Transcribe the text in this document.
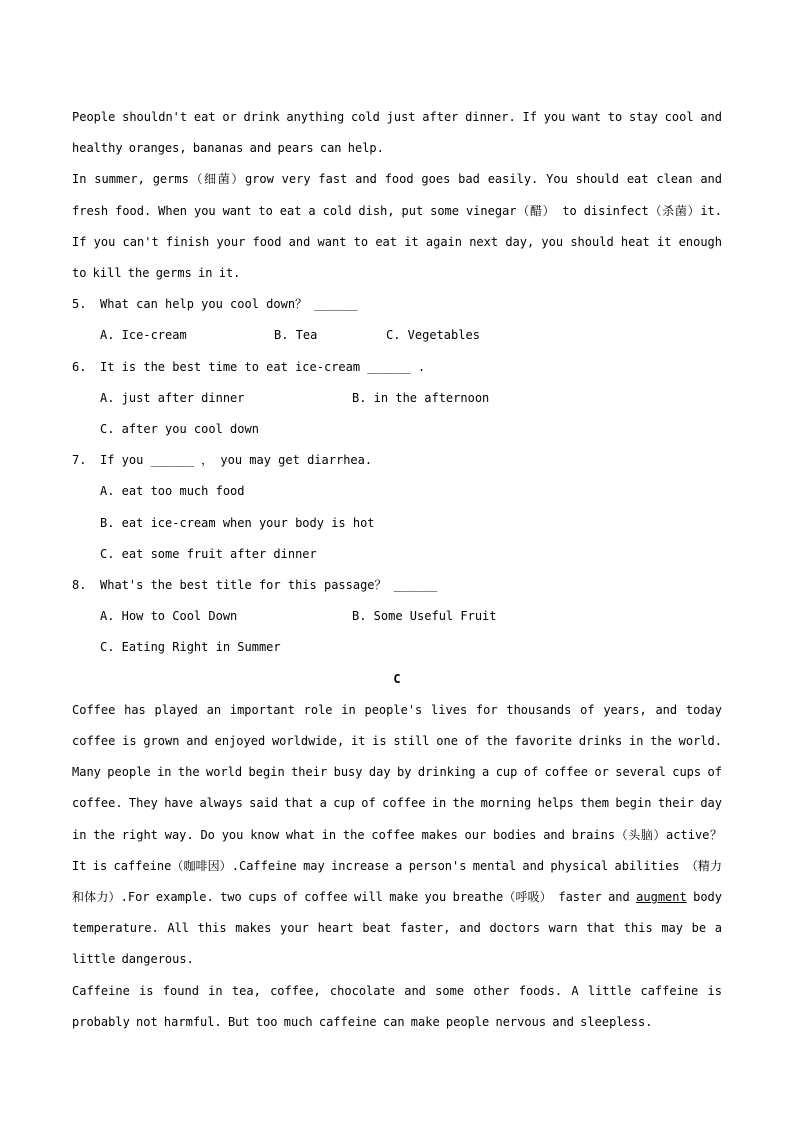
People shouldn't eat or drink anything cold just after dinner. If you want to stay cool and healthy oranges, bananas and pears can help.

In summer, germs（细菌）grow very fast and food goes bad easily. You should eat clean and fresh food. When you want to eat a cold dish, put some vinegar（醋） to disinfect（杀菌）it. If you can't finish your food and want to eat it again next day, you should heat it enough to kill the germs in it.

5.	What can help you cool down？ ______
A. Ice-cream	B. Tea	C. Vegetables
6.	It is the best time to eat ice-cream ______ .
A. just after dinner	B. in the afternoon
C. after you cool down
7.	If you ______ ， you may get diarrhea.
A. eat too much food
B. eat ice-cream when your body is hot
C. eat some fruit after dinner
8.	What's the best title for this passage？ ______
A. How to Cool Down	B. Some Useful Fruit
C. Eating Right in Summer

C

Coffee has played an important role in people's lives for thousands of years, and today coffee is grown and enjoyed worldwide, it is still one of the favorite drinks in the world. Many people in the world begin their busy day by drinking a cup of coffee or several cups of coffee. They have always said that a cup of coffee in the morning helps them begin their day in the right way. Do you know what in the coffee makes our bodies and brains（头脑）active？ It is caffeine（咖啡因）.Caffeine may increase a person's mental and physical abilities （精力和体力）.For example. two cups of coffee will make you breathe（呼吸） faster and augment body temperature. All this makes your heart beat faster, and doctors warn that this may be a little dangerous.

Caffeine is found in tea, coffee, chocolate and some other foods. A little caffeine is probably not harmful. But too much caffeine can make people nervous and sleepless.
